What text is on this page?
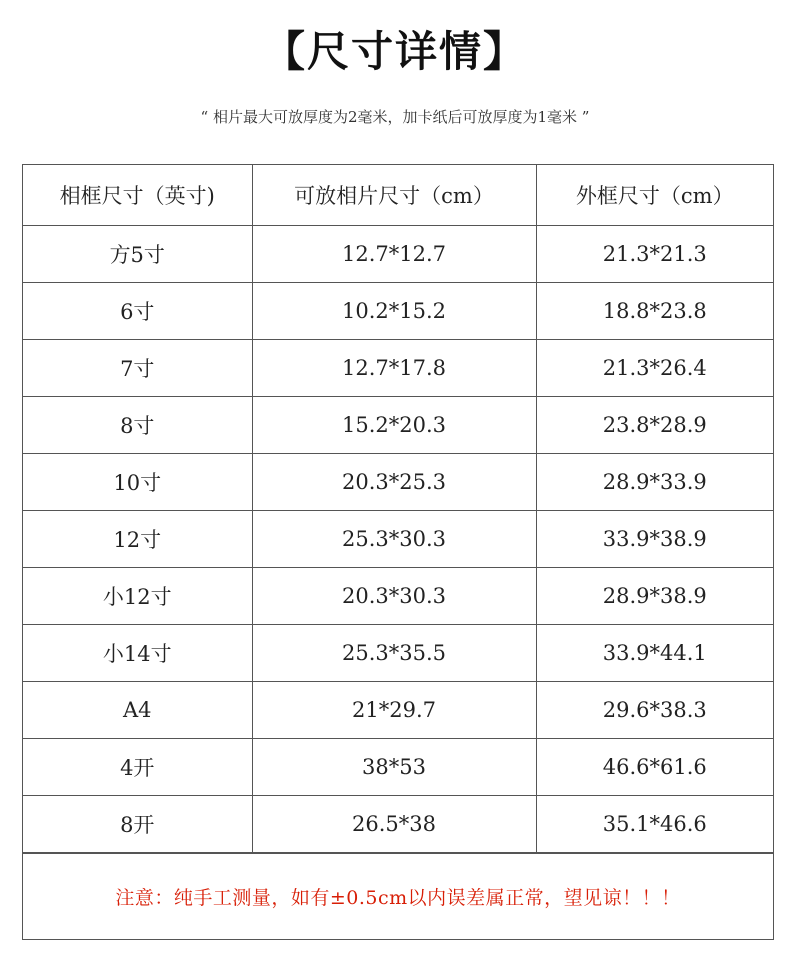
【尺寸详情】
“ 相片最大可放厚度为2毫米，加卡纸后可放厚度为1毫米 ”
相框尺寸（英寸)	可放相片尺寸（cm）	外框尺寸（cm）
方5寸	12.7*12.7	21.3*21.3
6寸	10.2*15.2	18.8*23.8
7寸	12.7*17.8	21.3*26.4
8寸	15.2*20.3	23.8*28.9
10寸	20.3*25.3	28.9*33.9
12寸	25.3*30.3	33.9*38.9
小12寸	20.3*30.3	28.9*38.9
小14寸	25.3*35.5	33.9*44.1
A4	21*29.7	29.6*38.3
4开	38*53	46.6*61.6
8开	26.5*38	35.1*46.6
注意：纯手工测量，如有±0.5cm以内误差属正常，望见谅！！！
